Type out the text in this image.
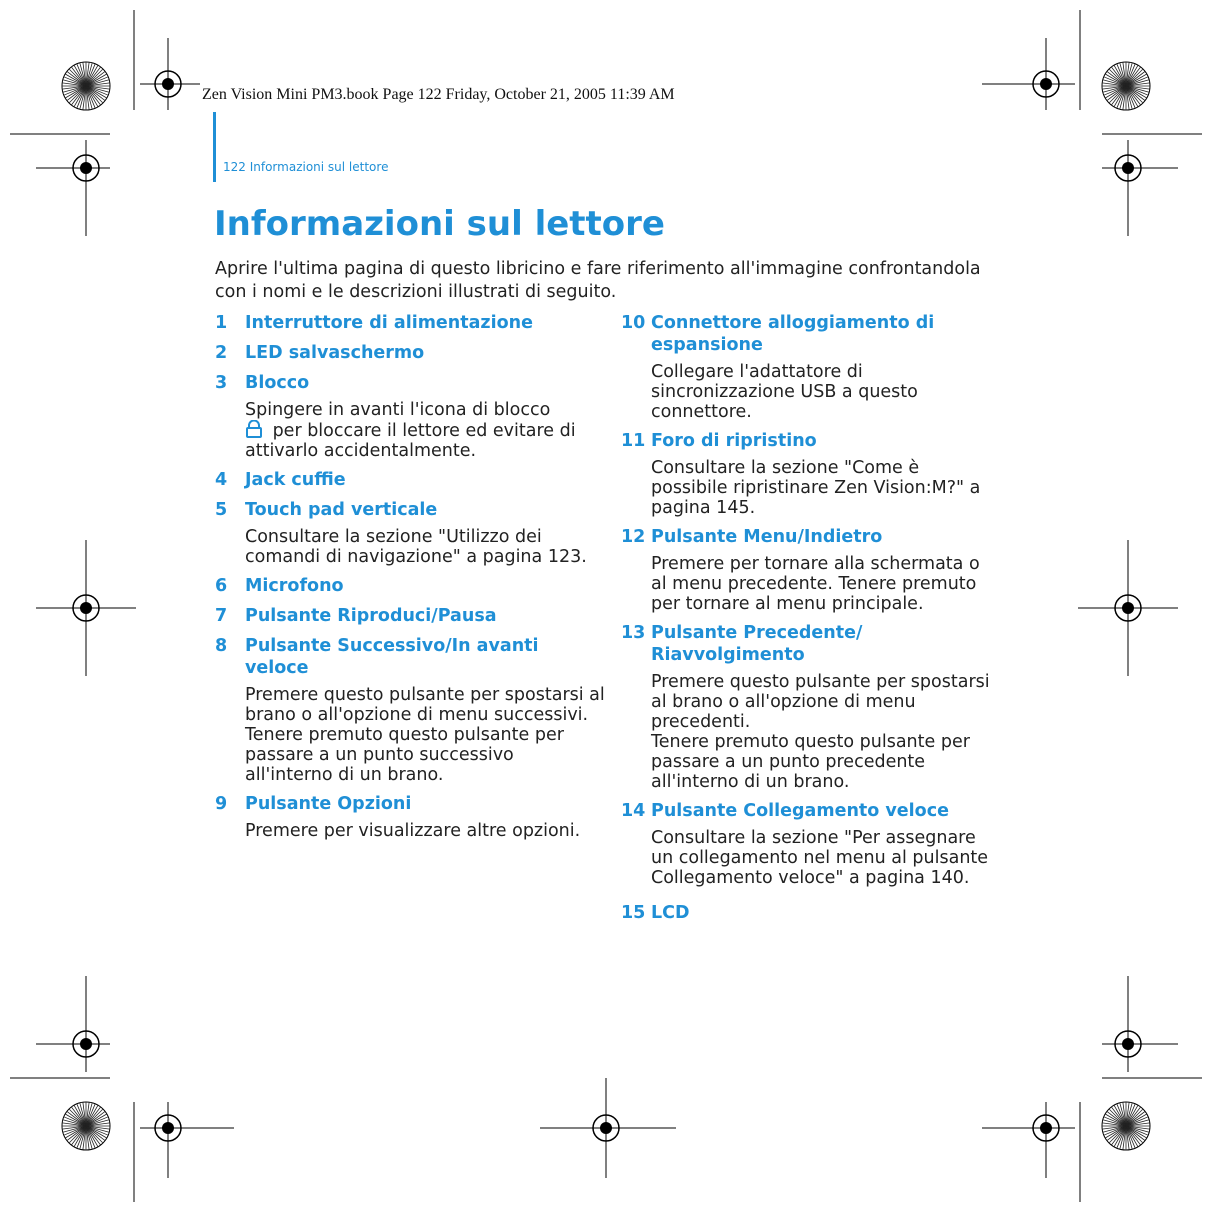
Zen Vision Mini PM3.book Page 122 Friday, October 21, 2005 11:39 AM
122 Informazioni sul lettore
Informazioni sul lettore

Aprire l'ultima pagina di questo libricino e fare riferimento all'immagine confrontandola con i nomi e le descrizioni illustrati di seguito.

1	Interruttore di alimentazione
2	LED salvaschermo
3	Blocco
Spingere in avanti l'icona di blocco
per bloccare il lettore ed evitare di attivarlo accidentalmente.
4	Jack cuffie
5	Touch pad verticale
Consultare la sezione "Utilizzo dei comandi di navigazione" a pagina 123.
6	Microfono
7	Pulsante Riproduci/Pausa
8	Pulsante Successivo/In avanti veloce
Premere questo pulsante per spostarsi al brano o all'opzione di menu successivi.
Tenere premuto questo pulsante per passare a un punto successivo all'interno di un brano.
9	Pulsante Opzioni
Premere per visualizzare altre opzioni.
10 Connettore alloggiamento di espansione
Collegare l'adattatore di sincronizzazione USB a questo connettore.
11 Foro di ripristino
Consultare la sezione "Come è possibile ripristinare Zen Vision:M?" a pagina 145.
12 Pulsante Menu/Indietro
Premere per tornare alla schermata o al menu precedente. Tenere premuto per tornare al menu principale.
13 Pulsante Precedente/ Riavvolgimento
Premere questo pulsante per spostarsi al brano o all'opzione di menu precedenti.
Tenere premuto questo pulsante per passare a un punto precedente all'interno di un brano.
14 Pulsante Collegamento veloce
Consultare la sezione "Per assegnare un collegamento nel menu al pulsante Collegamento veloce" a pagina 140.
15 LCD
